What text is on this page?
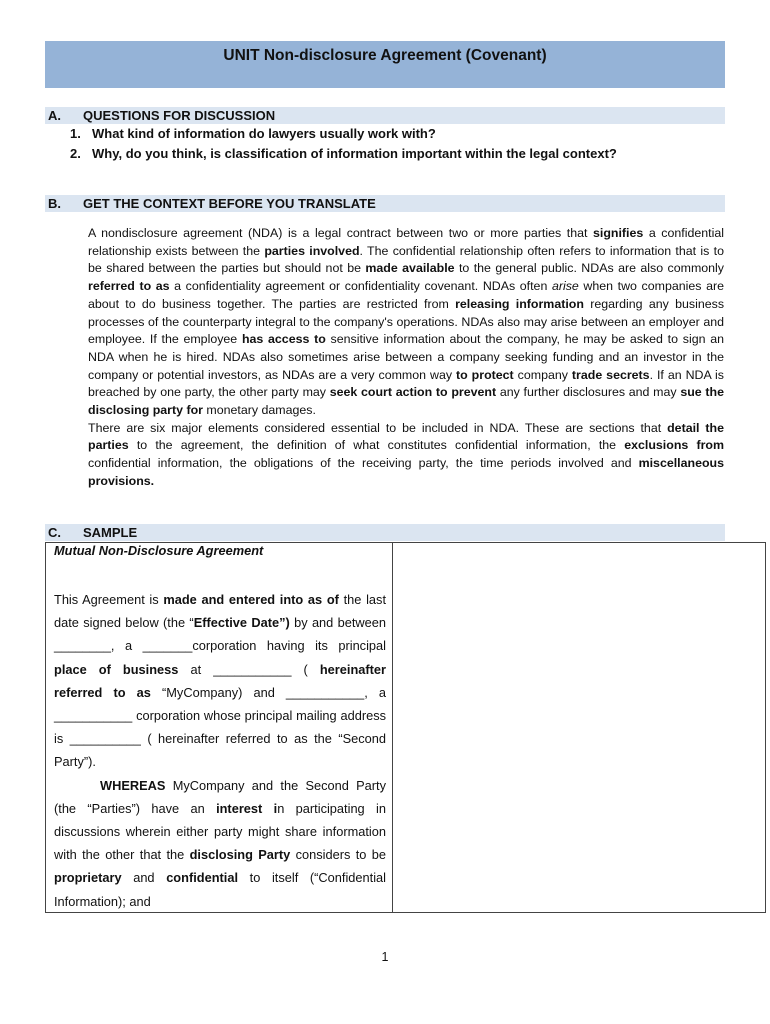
UNIT Non-disclosure Agreement (Covenant)
A. QUESTIONS FOR DISCUSSION
1. What kind of information do lawyers usually work with?
2. Why, do you think, is classification of information important within the legal context?
B. GET THE CONTEXT BEFORE YOU TRANSLATE

A nondisclosure agreement (NDA) is a legal contract between two or more parties that signifies a confidential relationship exists between the parties involved. The confidential relationship often refers to information that is to be shared between the parties but should not be made available to the general public. NDAs are also commonly referred to as a confidentiality agreement or confidentiality covenant. NDAs often arise when two companies are about to do business together. The parties are restricted from releasing information regarding any business processes of the counterparty integral to the company's operations. NDAs also may arise between an employer and employee. If the employee has access to sensitive information about the company, he may be asked to sign an NDA when he is hired. NDAs also sometimes arise between a company seeking funding and an investor in the company or potential investors, as NDAs are a very common way to protect company trade secrets. If an NDA is breached by one party, the other party may seek court action to prevent any further disclosures and may sue the disclosing party for monetary damages.

There are six major elements considered essential to be included in NDA. These are sections that detail the parties to the agreement, the definition of what constitutes confidential information, the exclusions from confidential information, the obligations of the receiving party, the time periods involved and miscellaneous provisions.

C. SAMPLE
Mutual Non-Disclosure Agreement

This Agreement is made and entered into as of the last date signed below (the “Effective Date”) by and between ________, a _______corporation having its principal place of business at ___________ ( hereinafter referred to as “MyCompany) and ___________, a ___________ corporation whose principal mailing address is __________ ( hereinafter referred to as the “Second Party”).

WHEREAS MyCompany and the Second Party (the “Parties”) have an interest in participating in discussions wherein either party might share information with the other that the disclosing Party considers to be proprietary and confidential to itself (“Confidential Information); and

1
